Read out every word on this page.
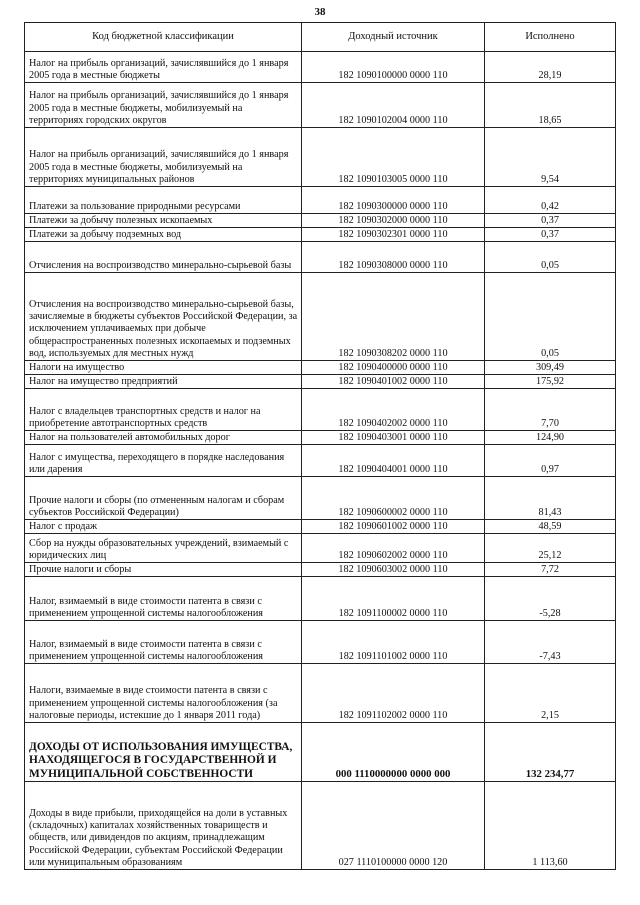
38
Код бюджетной классификации	Доходный источник	Исполнено
Налог на прибыль организаций, зачислявшийся до 1 января 2005 года в местные бюджеты	182 1090100000 0000 110	28,19
Налог на прибыль организаций, зачислявшийся до 1 января 2005 года в местные бюджеты, мобилизуемый на территориях городских округов	182 1090102004 0000 110	18,65
Налог на прибыль организаций, зачислявшийся до 1 января 2005 года в местные бюджеты, мобилизуемый на территориях муниципальных районов	182 1090103005 0000 110	9,54
Платежи за пользование природными ресурсами	182 1090300000 0000 110	0,42
Платежи за добычу полезных ископаемых	182 1090302000 0000 110	0,37
Платежи за добычу подземных вод	182 1090302301 0000 110	0,37
Отчисления на воспроизводство минерально-сырьевой базы	182 1090308000 0000 110	0,05
Отчисления на воспроизводство минерально-сырьевой базы, зачисляемые в бюджеты субъектов Российской Федерации, за исключением уплачиваемых при добыче общераспространенных полезных ископаемых и подземных вод, используемых для местных нужд	182 1090308202 0000 110	0,05
Налоги на имущество	182 1090400000 0000 110	309,49
Налог на имущество предприятий	182 1090401002 0000 110	175,92
Налог с владельцев транспортных средств и налог на приобретение автотранспортных средств	182 1090402002 0000 110	7,70
Налог на пользователей автомобильных дорог	182 1090403001 0000 110	124,90
Налог с имущества, переходящего в порядке наследования или дарения	182 1090404001 0000 110	0,97
Прочие налоги и сборы (по отмененным налогам и сборам субъектов Российской Федерации)	182 1090600002 0000 110	81,43
Налог с продаж	182 1090601002 0000 110	48,59
Сбор на нужды образовательных учреждений, взимаемый с юридических лиц	182 1090602002 0000 110	25,12
Прочие налоги и сборы	182 1090603002 0000 110	7,72
Налог, взимаемый в виде стоимости патента в связи с применением упрощенной системы налогообложения	182 1091100002 0000 110	-5,28
Налог, взимаемый в виде стоимости патента в связи с применением упрощенной системы налогообложения	182 1091101002 0000 110	-7,43
Налоги, взимаемые в виде стоимости патента в связи с применением упрощенной системы налогообложения (за налоговые периоды, истекшие до 1 января 2011 года)	182 1091102002 0000 110	2,15
ДОХОДЫ ОТ ИСПОЛЬЗОВАНИЯ ИМУЩЕСТВА, НАХОДЯЩЕГОСЯ В ГОСУДАРСТВЕННОЙ И МУНИЦИПАЛЬНОЙ СОБСТВЕННОСТИ	000 1110000000 0000 000	132 234,77
Доходы в виде прибыли, приходящейся на доли в уставных (складочных) капиталах хозяйственных товариществ и обществ, или дивидендов по акциям, принадлежащим Российской Федерации, субъектам Российской Федерации или муниципальным образованиям	027 1110100000 0000 120	1 113,60
